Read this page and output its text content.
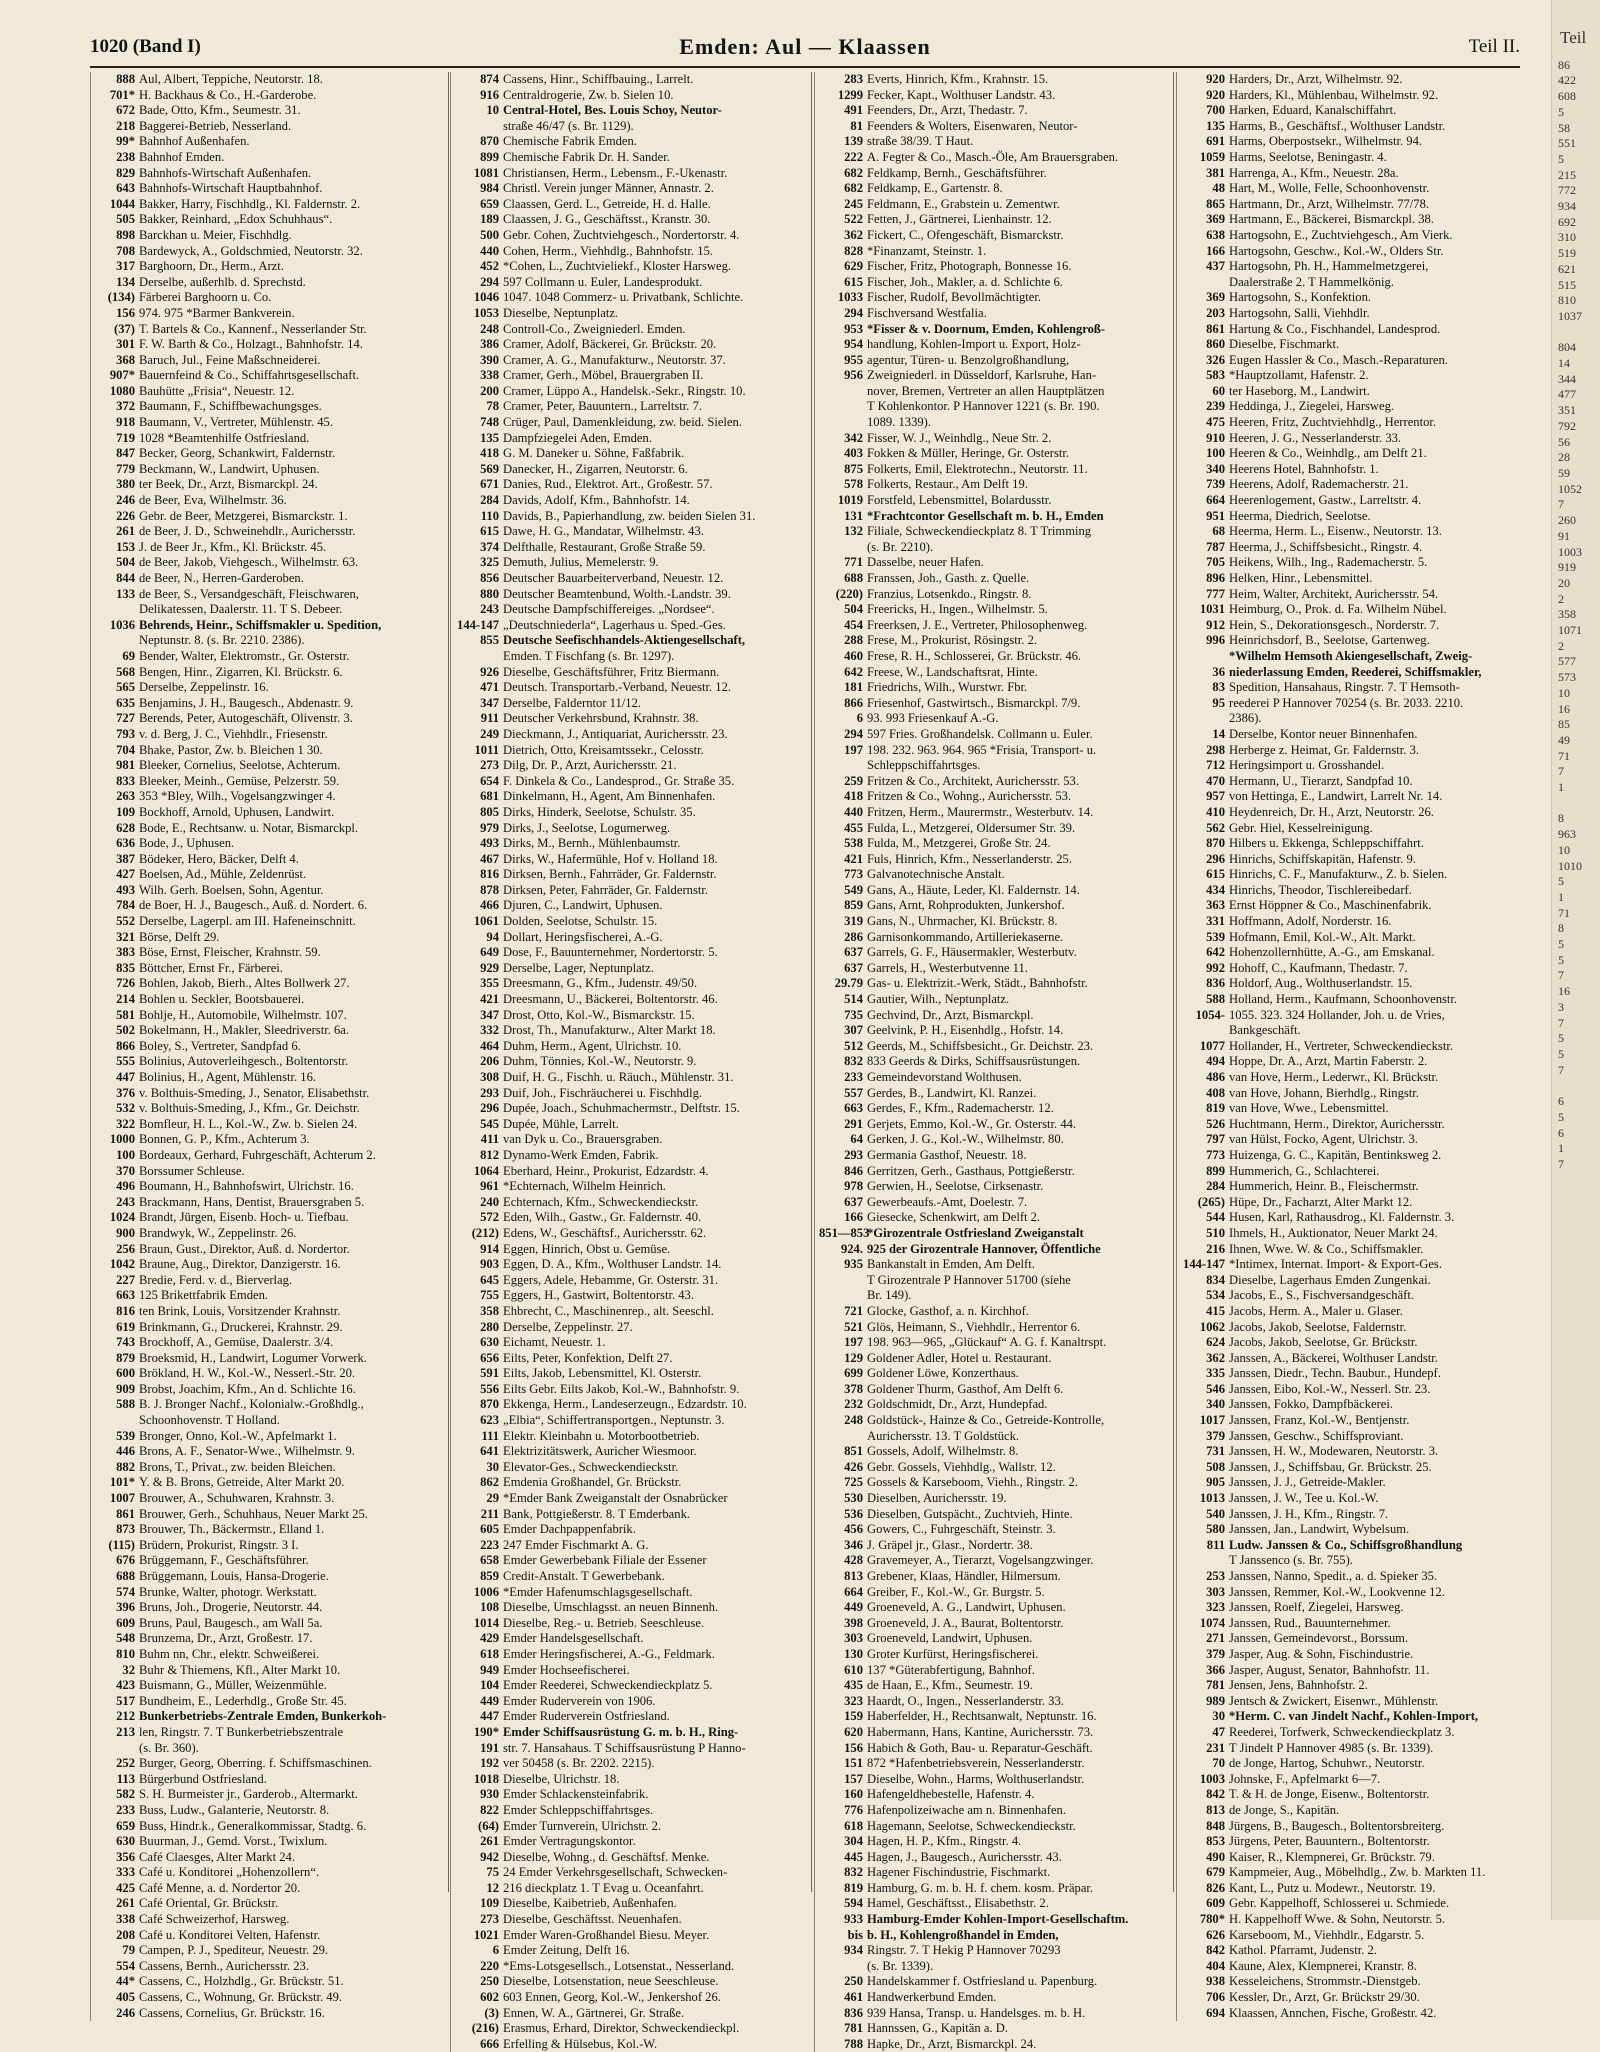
1020 (Band I)	Emden: Aul — Klaassen	Teil II.
888 Aul, Albert, Teppiche, Neutorstr. 18.
701* H. Backhaus & Co., H.-Garderobe.
672 Bade, Otto, Kfm., Seumestr. 31.
218 Baggerei-Betrieb, Nesserland.
99* Bahnhof Außenhafen.
238 Bahnhof Emden.
829 Bahnhofs-Wirtschaft Außenhafen.
643 Bahnhofs-Wirtschaft Hauptbahnhof.
1044 Bakker, Harry, Fischhdlg., Kl. Faldernstr. 2.
505 Bakker, Reinhard, „Edox Schuhhaus“.
898 Barckhan u. Meier, Fischhdlg.
708 Bardewyck, A., Goldschmied, Neutorstr. 32.
317 Barghoorn, Dr., Herm., Arzt.
134 Derselbe, außerhlb. d. Sprechstd.
(134) Färberei Barghoorn u. Co.
156 974. 975 *Barmer Bankverein.
(37) T. Bartels & Co., Kannenf., Nesserlander Str.
301 F. W. Barth & Co., Holzagt., Bahnhofstr. 14.
368 Baruch, Jul., Feine Maßschneiderei.
907* Bauernfeind & Co., Schiffahrtsgesellschaft.
1080 Bauhütte „Frisia“, Neuestr. 12.
372 Baumann, F., Schiffbewachungsges.
918 Baumann, V., Vertreter, Mühlenstr. 45.
719 1028 *Beamtenhilfe Ostfriesland.
847 Becker, Georg, Schankwirt, Faldernstr.
779 Beckmann, W., Landwirt, Uphusen.
380 ter Beek, Dr., Arzt, Bismarckpl. 24.
246 de Beer, Eva, Wilhelmstr. 36.
226 Gebr. de Beer, Metzgerei, Bismarckstr. 1.
261 de Beer, J. D., Schweinehdlr., Aurichersstr.
153 J. de Beer Jr., Kfm., Kl. Brückstr. 45.
504 de Beer, Jakob, Viehgesch., Wilhelmstr. 63.
844 de Beer, N., Herren-Garderoben.
133 de Beer, S., Versandgeschäft, Fleischwaren,
Delikatessen, Daalerstr. 11. T S. Debeer.
1036 Behrends, Heinr., Schiffsmakler u. Spedition,
Neptunstr. 8. (s. Br. 2210. 2386).
69 Bender, Walter, Elektromstr., Gr. Osterstr.
568 Bengen, Hinr., Zigarren, Kl. Brückstr. 6.
565 Derselbe, Zeppelinstr. 16.
635 Benjamins, J. H., Baugesch., Abdenastr. 9.
727 Berends, Peter, Autogeschäft, Olivenstr. 3.
793 v. d. Berg, J. C., Viehhdlr., Friesenstr.
704 Bhake, Pastor, Zw. b. Bleichen 1 30.
981 Bleeker, Cornelius, Seelotse, Achterum.
833 Bleeker, Meinh., Gemüse, Pelzerstr. 59.
263 353 *Bley, Wilh., Vogelsangzwinger 4.
109 Bockhoff, Arnold, Uphusen, Landwirt.
628 Bode, E., Rechtsanw. u. Notar, Bismarckpl.
636 Bode, J., Uphusen.
387 Bödeker, Hero, Bäcker, Delft 4.
427 Boelsen, Ad., Mühle, Zeldenrüst.
493 Wilh. Gerh. Boelsen, Sohn, Agentur.
784 de Boer, H. J., Baugesch., Auß. d. Nordert. 6.
552 Derselbe, Lagerpl. am III. Hafeneinschnitt.
321 Börse, Delft 29.
383 Böse, Ernst, Fleischer, Krahnstr. 59.
835 Böttcher, Ernst Fr., Färberei.
726 Bohlen, Jakob, Bierh., Altes Bollwerk 27.
214 Bohlen u. Seckler, Bootsbauerei.
581 Bohlje, H., Automobile, Wilhelmstr. 107.
502 Bokelmann, H., Makler, Sleedriverstr. 6a.
866 Boley, S., Vertreter, Sandpfad 6.
555 Bolinius, Autoverleihgesch., Boltentorstr.
447 Bolinius, H., Agent, Mühlenstr. 16.
376 v. Bolthuis-Smeding, J., Senator, Elisabethstr.
532 v. Bolthuis-Smeding, J., Kfm., Gr. Deichstr.
322 Bomfleur, H. L., Kol.-W., Zw. b. Sielen 24.
1000 Bonnen, G. P., Kfm., Achterum 3.
100 Bordeaux, Gerhard, Fuhrgeschäft, Achterum 2.
370 Borssumer Schleuse.
496 Boumann, H., Bahnhofswirt, Ulrichstr. 16.
243 Brackmann, Hans, Dentist, Brauersgraben 5.
1024 Brandt, Jürgen, Eisenb. Hoch- u. Tiefbau.
900 Brandwyk, W., Zeppelinstr. 26.
256 Braun, Gust., Direktor, Auß. d. Nordertor.
1042 Braune, Aug., Direktor, Danzigerstr. 16.
227 Bredie, Ferd. v. d., Bierverlag.
663 125 Brikettfabrik Emden.
816 ten Brink, Louis, Vorsitzender Krahnstr.
619 Brinkmann, G., Druckerei, Krahnstr. 29.
743 Brockhoff, A., Gemüse, Daalerstr. 3/4.
879 Broeksmid, H., Landwirt, Logumer Vorwerk.
600 Brökland, H. W., Kol.-W., Nesserl.-Str. 20.
909 Brobst, Joachim, Kfm., An d. Schlichte 16.
588 B. J. Bronger Nachf., Kolonialw.-Großhdlg.,
Schoonhovenstr. T Holland.
539 Bronger, Onno, Kol.-W., Apfelmarkt 1.
446 Brons, A. F., Senator-Wwe., Wilhelmstr. 9.
882 Brons, T., Privat., zw. beiden Bleichen.
101* Y. & B. Brons, Getreide, Alter Markt 20.
1007 Brouwer, A., Schuhwaren, Krahnstr. 3.
861 Brouwer, Gerh., Schuhhaus, Neuer Markt 25.
873 Brouwer, Th., Bäckermstr., Elland 1.
(115) Brüdern, Prokurist, Ringstr. 3 I.
676 Brüggemann, F., Geschäftsführer.
688 Brüggemann, Louis, Hansa-Drogerie.
574 Brunke, Walter, photogr. Werkstatt.
396 Bruns, Joh., Drogerie, Neutorstr. 44.
609 Bruns, Paul, Baugesch., am Wall 5a.
548 Brunzema, Dr., Arzt, Großestr. 17.
810 Buhm nn, Chr., elektr. Schweißerei.
32 Buhr & Thiemens, Kfl., Alter Markt 10.
423 Buismann, G., Müller, Weizenmühle.
517 Bundheim, E., Lederhdlg., Große Str. 45.
212 Bunkerbetriebs-Zentrale Emden, Bunkerkoh-
213 len, Ringstr. 7. T Bunkerbetriebszentrale
(s. Br. 360).
252 Burger, Georg, Oberring. f. Schiffsmaschinen.
113 Bürgerbund Ostfriesland.
582 S. H. Burmeister jr., Garderob., Altermarkt.
233 Buss, Ludw., Galanterie, Neutorstr. 8.
659 Buss, Hindr.k., Generalkommissar, Stadtg. 6.
630 Buurman, J., Gemd. Vorst., Twixlum.
356 Café Claesges, Alter Markt 24.
333 Café u. Konditorei „Hohenzollern“.
425 Café Menne, a. d. Nordertor 20.
261 Café Oriental, Gr. Brückstr.
338 Café Schweizerhof, Harsweg.
208 Café u. Konditorei Velten, Hafenstr.
79 Campen, P. J., Spediteur, Neuestr. 29.
554 Cassens, Bernh., Aurichersstr. 23.
44* Cassens, C., Holzhdlg., Gr. Brückstr. 51.
405 Cassens, C., Wohnung, Gr. Brückstr. 49.
246 Cassens, Cornelius, Gr. Brückstr. 16.
874 Cassens, Hinr., Schiffbauing., Larrelt.
916 Centraldrogerie, Zw. b. Sielen 10.
10 Central-Hotel, Bes. Louis Schoy, Neutor-
straße 46/47 (s. Br. 1129).
870 Chemische Fabrik Emden.
899 Chemische Fabrik Dr. H. Sander.
1081 Christiansen, Herm., Lebensm., F.-Ukenastr.
984 Christl. Verein junger Männer, Annastr. 2.
659 Claassen, Gerd. L., Getreide, H. d. Halle.
189 Claassen, J. G., Geschäftsst., Kranstr. 30.
500 Gebr. Cohen, Zuchtviehgesch., Nordertorstr. 4.
440 Cohen, Herm., Viehhdlg., Bahnhofstr. 15.
452 *Cohen, L., Zuchtvieliekf., Kloster Harsweg.
294 597 Collmann u. Euler, Landesprodukt.
1046 1047. 1048 Commerz- u. Privatbank, Schlichte.
1053 Dieselbe, Neptunplatz.
248 Controll-Co., Zweigniederl. Emden.
386 Cramer, Adolf, Bäckerei, Gr. Brückstr. 20.
390 Cramer, A. G., Manufakturw., Neutorstr. 37.
338 Cramer, Gerh., Möbel, Brauergraben II.
200 Cramer, Lüppo A., Handelsk.-Sekr., Ringstr. 10.
78 Cramer, Peter, Bauuntern., Larreltstr. 7.
748 Crüger, Paul, Damenkleidung, zw. beid. Sielen.
135 Dampfziegelei Aden, Emden.
418 G. M. Daneker u. Söhne, Faßfabrik.
569 Danecker, H., Zigarren, Neutorstr. 6.
671 Danies, Rud., Elektrot. Art., Großestr. 57.
284 Davids, Adolf, Kfm., Bahnhofstr. 14.
110 Davids, B., Papierhandlung, zw. beiden Sielen 31.
615 Dawe, H. G., Mandatar, Wilhelmstr. 43.
374 Delfthalle, Restaurant, Große Straße 59.
325 Demuth, Julius, Memelerstr. 9.
856 Deutscher Bauarbeiterverband, Neuestr. 12.
880 Deutscher Beamtenbund, Wolth.-Landstr. 39.
243 Deutsche Dampfschiffereiges. „Nordsee“.
144-147 „Deutschniederla“, Lagerhaus u. Sped.-Ges.
855 Deutsche Seefischhandels-Aktiengesellschaft,
Emden. T Fischfang (s. Br. 1297).
926 Dieselbe, Geschäftsführer, Fritz Biermann.
471 Deutsch. Transportarb.-Verband, Neuestr. 12.
347 Derselbe, Falderntor 11/12.
911 Deutscher Verkehrsbund, Krahnstr. 38.
249 Dieckmann, J., Antiquariat, Aurichersstr. 23.
1011 Dietrich, Otto, Kreisamtssekr., Celosstr.
273 Dilg, Dr. P., Arzt, Aurichersstr. 21.
654 F. Dinkela & Co., Landesprod., Gr. Straße 35.
681 Dinkelmann, H., Agent, Am Binnenhafen.
805 Dirks, Hinderk, Seelotse, Schulstr. 35.
979 Dirks, J., Seelotse, Logumerweg.
493 Dirks, M., Bernh., Mühlenbaumstr.
467 Dirks, W., Hafermühle, Hof v. Holland 18.
816 Dirksen, Bernh., Fahrräder, Gr. Faldernstr.
878 Dirksen, Peter, Fahrräder, Gr. Faldernstr.
466 Djuren, C., Landwirt, Uphusen.
1061 Dolden, Seelotse, Schulstr. 15.
94 Dollart, Heringsfischerei, A.-G.
649 Dose, F., Bauunternehmer, Nordertorstr. 5.
929 Derselbe, Lager, Neptunplatz.
355 Dreesmann, G., Kfm., Judenstr. 49/50.
421 Dreesmann, U., Bäckerei, Boltentorstr. 46.
347 Drost, Otto, Kol.-W., Bismarckstr. 15.
332 Drost, Th., Manufakturw., Alter Markt 18.
464 Duhm, Herm., Agent, Ulrichstr. 10.
206 Duhm, Tönnies, Kol.-W., Neutorstr. 9.
308 Duif, H. G., Fischh. u. Räuch., Mühlenstr. 31.
293 Duif, Joh., Fischräucherei u. Fischhdlg.
296 Dupée, Joach., Schuhmachermstr., Delftstr. 15.
545 Dupée, Mühle, Larrelt.
411 van Dyk u. Co., Brauersgraben.
812 Dynamo-Werk Emden, Fabrik.
1064 Eberhard, Heinr., Prokurist, Edzardstr. 4.
961 *Echternach, Wilhelm Heinrich.
240 Echternach, Kfm., Schweckendieckstr.
572 Eden, Wilh., Gastw., Gr. Faldernstr. 40.
(212) Edens, W., Geschäftsf., Aurichersstr. 62.
914 Eggen, Hinrich, Obst u. Gemüse.
903 Eggen, D. A., Kfm., Wolthuser Landstr. 14.
645 Eggers, Adele, Hebamme, Gr. Osterstr. 31.
755 Eggers, H., Gastwirt, Boltentorstr. 43.
358 Ehbrecht, C., Maschinenrep., alt. Seeschl.
280 Derselbe, Zeppelinstr. 27.
630 Eichamt, Neuestr. 1.
656 Eilts, Peter, Konfektion, Delft 27.
591 Eilts, Jakob, Lebensmittel, Kl. Osterstr.
556 Eilts Gebr. Eilts Jakob, Kol.-W., Bahnhofstr. 9.
870 Ekkenga, Herm., Landeserzeugn., Edzardstr. 10.
623 „Elbia“, Schiffertransportgen., Neptunstr. 3.
111 Elektr. Kleinbahn u. Motorbootbetrieb.
641 Elektrizitätswerk, Auricher Wiesmoor.
30 Elevator-Ges., Schweckendieckstr.
862 Emdenia Großhandel, Gr. Brückstr.
29 *Emder Bank Zweiganstalt der Osnabrücker
211 Bank, Pottgießerstr. 8. T Emderbank.
605 Emder Dachpappenfabrik.
223 247 Emder Fischmarkt A. G.
658 Emder Gewerbebank Filiale der Essener
859 Credit-Anstalt. T Gewerbebank.
1006 *Emder Hafenumschlagsgesellschaft.
108 Dieselbe, Umschlagsst. an neuen Binnenh.
1014 Dieselbe, Reg.- u. Betrieb. Seeschleuse.
429 Emder Handelsgesellschaft.
618 Emder Heringsfischerei, A.-G., Feldmark.
949 Emder Hochseefischerei.
104 Emder Reederei, Schweckendieckplatz 5.
449 Emder Ruderverein von 1906.
447 Emder Ruderverein Ostfriesland.
190* Emder Schiffsausrüstung G. m. b. H., Ring-
191 str. 7. Hansahaus. T Schiffsausrüstung P Hanno-
192 ver 50458 (s. Br. 2202. 2215).
1018 Dieselbe, Ulrichstr. 18.
930 Emder Schlackensteinfabrik.
822 Emder Schleppschiffahrtsges.
(64) Emder Turnverein, Ulrichstr. 2.
261 Emder Vertragungskontor.
942 Dieselbe, Wohng., d. Geschäftsf. Menke.
75 24 Emder Verkehrsgesellschaft, Schwecken-
12 216 dieckplatz 1. T Evag u. Oceanfahrt.
109 Dieselbe, Kaibetrieb, Außenhafen.
273 Dieselbe, Geschäftsst. Neuenhafen.
1021 Emder Waren-Großhandel Biesu. Meyer.
6 Emder Zeitung, Delft 16.
220 *Ems-Lotsgesellsch., Lotsenstat., Nesserland.
250 Dieselbe, Lotsenstation, neue Seeschleuse.
602 603 Ennen, Georg, Kol.-W., Jenkershof 26.
(3) Ennen, W. A., Gärtnerei, Gr. Straße.
(216) Erasmus, Erhard, Direktor, Schweckendieckpl.
666 Erfelling & Hülsebus, Kol.-W.
283 Everts, Hinrich, Kfm., Krahnstr. 15.
1299 Fecker, Kapt., Wolthuser Landstr. 43.
491 Feenders, Dr., Arzt, Thedastr. 7.
81 Feenders & Wolters, Eisenwaren, Neutor-
139 straße 38/39. T Haut.
222 A. Fegter & Co., Masch.-Öle, Am Brauersgraben.
682 Feldkamp, Bernh., Geschäftsführer.
682 Feldkamp, E., Gartenstr. 8.
245 Feldmann, E., Grabstein u. Zementwr.
522 Fetten, J., Gärtnerei, Lienhainstr. 12.
362 Fickert, C., Ofengeschäft, Bismarckstr.
828 *Finanzamt, Steinstr. 1.
629 Fischer, Fritz, Photograph, Bonnesse 16.
615 Fischer, Joh., Makler, a. d. Schlichte 6.
1033 Fischer, Rudolf, Bevollmächtigter.
294 Fischversand Westfalia.
953 *Fisser & v. Doornum, Emden, Kohlengroß-
954 handlung, Kohlen-Import u. Export, Holz-
955 agentur, Türen- u. Benzolgroßhandlung,
956 Zweigniederl. in Düsseldorf, Karlsruhe, Han-
nover, Bremen, Vertreter an allen Hauptplätzen
T Kohlenkontor. P Hannover 1221 (s. Br. 190.
1089. 1339).
342 Fisser, W. J., Weinhdlg., Neue Str. 2.
403 Fokken & Müller, Heringe, Gr. Osterstr.
875 Folkerts, Emil, Elektrotechn., Neutorstr. 11.
578 Folkerts, Restaur., Am Delft 19.
1019 Forstfeld, Lebensmittel, Bolardusstr.
131 *Frachtcontor Gesellschaft m. b. H., Emden
132 Filiale, Schweckendieckplatz 8. T Trimming
(s. Br. 2210).
771 Dasselbe, neuer Hafen.
688 Franssen, Joh., Gasth. z. Quelle.
(220) Franzius, Lotsenkdo., Ringstr. 8.
504 Freericks, H., Ingen., Wilhelmstr. 5.
454 Freerksen, J. E., Vertreter, Philosophenweg.
288 Frese, M., Prokurist, Rösingstr. 2.
460 Frese, R. H., Schlosserei, Gr. Brückstr. 46.
642 Freese, W., Landschaftsrat, Hinte.
181 Friedrichs, Wilh., Wurstwr. Fbr.
866 Friesenhof, Gastwirtsch., Bismarckpl. 7/9.
6 93. 993 Friesenkauf A.-G.
294 597 Fries. Großhandelsk. Collmann u. Euler.
197 198. 232. 963. 964. 965 *Frisia, Transport- u.
Schleppschiffahrtsges.
259 Fritzen & Co., Architekt, Aurichersstr. 53.
418 Fritzen & Co., Wohng., Aurichersstr. 53.
440 Fritzen, Herm., Maurermstr., Westerbutv. 14.
455 Fulda, L., Metzgerei, Oldersumer Str. 39.
538 Fulda, M., Metzgerei, Große Str. 24.
421 Fuls, Hinrich, Kfm., Nesserlanderstr. 25.
773 Galvanotechnische Anstalt.
549 Gans, A., Häute, Leder, Kl. Faldernstr. 14.
859 Gans, Arnt, Rohprodukten, Junkershof.
319 Gans, N., Uhrmacher, Kl. Brückstr. 8.
286 Garnisonkommando, Artilleriekaserne.
637 Garrels, G. F., Häusermakler, Westerbutv.
637 Garrels, H., Westerbutvenne 11.
29.79 Gas- u. Elektrizit.-Werk, Städt., Bahnhofstr.
514 Gautier, Wilh., Neptunplatz.
735 Gechvind, Dr., Arzt, Bismarckpl.
307 Geelvink, P. H., Eisenhdlg., Hofstr. 14.
512 Geerds, M., Schiffsbesicht., Gr. Deichstr. 23.
832 833 Geerds & Dirks, Schiffsausrüstungen.
233 Gemeindevorstand Wolthusen.
557 Gerdes, B., Landwirt, Kl. Ranzei.
663 Gerdes, F., Kfm., Rademacherstr. 12.
291 Gerjets, Emmo, Kol.-W., Gr. Osterstr. 44.
64 Gerken, J. G., Kol.-W., Wilhelmstr. 80.
293 Germania Gasthof, Neuestr. 18.
846 Gerritzen, Gerh., Gasthaus, Pottgießerstr.
978 Gerwien, H., Seelotse, Cirksenastr.
637 Gewerbeaufs.-Amt, Doelestr. 7.
166 Giesecke, Schenkwirt, am Delft 2.
851—853
*Girozentrale Ostfriesland Zweiganstalt
924. 925 der Girozentrale Hannover, Öffentliche
935 Bankanstalt in Emden, Am Delft.
T Girozentrale P Hannover 51700 (siehe
Br. 149).
721 Glocke, Gasthof, a. n. Kirchhof.
521 Glös, Heimann, S., Viehhdlr., Herrentor 6.
197 198. 963—965, „Glückauf“ A. G. f. Kanaltrspt.
129 Goldener Adler, Hotel u. Restaurant.
699 Goldener Löwe, Konzerthaus.
378 Goldener Thurm, Gasthof, Am Delft 6.
232 Goldschmidt, Dr., Arzt, Hundepfad.
248 Goldstück-, Hainze & Co., Getreide-Kontrolle,
Aurichersstr. 13. T Goldstück.
851 Gossels, Adolf, Wilhelmstr. 8.
426 Gebr. Gossels, Viehhdlg., Wallstr. 12.
725 Gossels & Karseboom, Viehh., Ringstr. 2.
530 Dieselben, Aurichersstr. 19.
536 Dieselben, Gutspächt., Zuchtvieh, Hinte.
456 Gowers, C., Fuhrgeschäft, Steinstr. 3.
346 J. Gräpel jr., Glasr., Nordertr. 38.
428 Gravemeyer, A., Tierarzt, Vogelsangzwinger.
813 Grebener, Klaas, Händler, Hilmersum.
664 Greiber, F., Kol.-W., Gr. Burgstr. 5.
449 Groeneveld, A. G., Landwirt, Uphusen.
398 Groeneveld, J. A., Baurat, Boltentorstr.
303 Groeneveld, Landwirt, Uphusen.
130 Groter Kurfürst, Heringsfischerei.
610 137 *Güterabfertigung, Bahnhof.
435 de Haan, E., Kfm., Seumestr. 19.
323 Haardt, O., Ingen., Nesserlanderstr. 33.
159 Haberfelder, H., Rechtsanwalt, Neptunstr. 16.
620 Habermann, Hans, Kantine, Aurichersstr. 73.
156 Habich & Goth, Bau- u. Reparatur-Geschäft.
151 872 *Hafenbetriebsverein, Nesserlanderstr.
157 Dieselbe, Wohn., Harms, Wolthuserlandstr.
160 Hafengeldhebestelle, Hafenstr. 4.
776 Hafenpolizeiwache am n. Binnenhafen.
618 Hagemann, Seelotse, Schweckendieckstr.
304 Hagen, H. P., Kfm., Ringstr. 4.
445 Hagen, J., Baugesch., Aurichersstr. 43.
832 Hagener Fischindustrie, Fischmarkt.
819 Hamburg, G. m. b. H. f. chem. kosm. Präpar.
594 Hamel, Geschäftsst., Elisabethstr. 2.
933 Hamburg-Emder Kohlen-Import-Gesellschaftm.
bis b. H., Kohlengroßhandel in Emden,
934 Ringstr. 7. T Hekig P Hannover 70293
(s. Br. 1339).
250 Handelskammer f. Ostfriesland u. Papenburg.
461 Handwerkerbund Emden.
836 939 Hansa, Transp. u. Handelsges. m. b. H.
781 Hannssen, G., Kapitän a. D.
788 Hapke, Dr., Arzt, Bismarckpl. 24.
920 Harders, Dr., Arzt, Wilhelmstr. 92.
920 Harders, Kl., Mühlenbau, Wilhelmstr. 92.
700 Harken, Eduard, Kanalschiffahrt.
135 Harms, B., Geschäftsf., Wolthuser Landstr.
691 Harms, Oberpostsekr., Wilhelmstr. 94.
1059 Harms, Seelotse, Beningastr. 4.
381 Harrenga, A., Kfm., Neuestr. 28a.
48 Hart, M., Wolle, Felle, Schoonhovenstr.
865 Hartmann, Dr., Arzt, Wilhelmstr. 77/78.
369 Hartmann, E., Bäckerei, Bismarckpl. 38.
638 Hartogsohn, E., Zuchtviehgesch., Am Vierk.
166 Hartogsohn, Geschw., Kol.-W., Olders Str.
437 Hartogsohn, Ph. H., Hammelmetzgerei,
Daalerstraße 2. T Hammelkönig.
369 Hartogsohn, S., Konfektion.
203 Hartogsohn, Salli, Viehhdlr.
861 Hartung & Co., Fischhandel, Landesprod.
860 Dieselbe, Fischmarkt.
326 Eugen Hassler & Co., Masch.-Reparaturen.
583 *Hauptzollamt, Hafenstr. 2.
60 ter Haseborg, M., Landwirt.
239 Heddinga, J., Ziegelei, Harsweg.
475 Heeren, Fritz, Zuchtviehhdlg., Herrentor.
910 Heeren, J. G., Nesserlanderstr. 33.
100 Heeren & Co., Weinhdlg., am Delft 21.
340 Heerens Hotel, Bahnhofstr. 1.
739 Heerens, Adolf, Rademacherstr. 21.
664 Heerenlogement, Gastw., Larreltstr. 4.
951 Heerma, Diedrich, Seelotse.
68 Heerma, Herm. L., Eisenw., Neutorstr. 13.
787 Heerma, J., Schiffsbesicht., Ringstr. 4.
705 Heikens, Wilh., Ing., Rademacherstr. 5.
896 Helken, Hinr., Lebensmittel.
777 Heim, Walter, Architekt, Aurichersstr. 54.
1031 Heimburg, O., Prok. d. Fa. Wilhelm Nübel.
912 Hein, S., Dekorationsgesch., Norderstr. 7.
996 Heinrichsdorf, B., Seelotse, Gartenweg.
*Wilhelm Hemsoth Akiengesellschaft, Zweig-
36 niederlassung Emden, Reederei, Schiffsmakler,
83 Spedition, Hansahaus, Ringstr. 7. T Hemsoth-
95 reederei P Hannover 70254 (s. Br. 2033. 2210.
2386).
14 Derselbe, Kontor neuer Binnenhafen.
298 Herberge z. Heimat, Gr. Faldernstr. 3.
712 Heringsimport u. Grosshandel.
470 Hermann, U., Tierarzt, Sandpfad 10.
957 von Hettinga, E., Landwirt, Larrelt Nr. 14.
410 Heydenreich, Dr. H., Arzt, Neutorstr. 26.
562 Gebr. Hiel, Kesselreinigung.
870 Hilbers u. Ekkenga, Schleppschiffahrt.
296 Hinrichs, Schiffskapitän, Hafenstr. 9.
615 Hinrichs, C. F., Manufakturw., Z. b. Sielen.
434 Hinrichs, Theodor, Tischlereibedarf.
363 Ernst Höppner & Co., Maschinenfabrik.
331 Hoffmann, Adolf, Norderstr. 16.
539 Hofmann, Emil, Kol.-W., Alt. Markt.
642 Hohenzollernhütte, A.-G., am Emskanal.
992 Hohoff, C., Kaufmann, Thedastr. 7.
836 Holdorf, Aug., Wolthuserlandstr. 15.
588 Holland, Herm., Kaufmann, Schoonhovenstr.
1054- 1055. 323. 324 Hollander, Joh. u. de Vries,
Bankgeschäft.
1077 Hollander, H., Vertreter, Schweckendieckstr.
494 Hoppe, Dr. A., Arzt, Martin Faberstr. 2.
486 van Hove, Herm., Lederwr., Kl. Brückstr.
408 van Hove, Johann, Bierhdlg., Ringstr.
819 van Hove, Wwe., Lebensmittel.
526 Huchtmann, Herm., Direktor, Aurichersstr.
797 van Hülst, Focko, Agent, Ulrichstr. 3.
773 Huizenga, G. C., Kapitän, Bentinksweg 2.
899 Hummerich, G., Schlachterei.
284 Hummerich, Heinr. B., Fleischermstr.
(265) Hüpe, Dr., Facharzt, Alter Markt 12.
544 Husen, Karl, Rathausdrog., Kl. Faldernstr. 3.
510 Ihmels, H., Auktionator, Neuer Markt 24.
216 Ihnen, Wwe. W. & Co., Schiffsmakler.
144-147 *Intimex, Internat. Import- & Export-Ges.
834 Dieselbe, Lagerhaus Emden Zungenkai.
534 Jacobs, E., S., Fischversandgeschäft.
415 Jacobs, Herm. A., Maler u. Glaser.
1062 Jacobs, Jakob, Seelotse, Faldernstr.
624 Jacobs, Jakob, Seelotse, Gr. Brückstr.
362 Janssen, A., Bäckerei, Wolthuser Landstr.
335 Janssen, Diedr., Techn. Baubur., Hundepf.
546 Janssen, Eibo, Kol.-W., Nesserl. Str. 23.
340 Janssen, Fokko, Dampfbäckerei.
1017 Janssen, Franz, Kol.-W., Bentjenstr.
379 Janssen, Geschw., Schiffsproviant.
731 Janssen, H. W., Modewaren, Neutorstr. 3.
508 Janssen, J., Schiffsbau, Gr. Brückstr. 25.
905 Janssen, J. J., Getreide-Makler.
1013 Janssen, J. W., Tee u. Kol.-W.
540 Janssen, J. H., Kfm., Ringstr. 7.
580 Janssen, Jan., Landwirt, Wybelsum.
811 Ludw. Janssen & Co., Schiffsgroßhandlung
T Janssenco (s. Br. 755).
253 Janssen, Nanno, Spedit., a. d. Spieker 35.
303 Janssen, Remmer, Kol.-W., Lookvenne 12.
323 Janssen, Roelf, Ziegelei, Harsweg.
1074 Janssen, Rud., Bauunternehmer.
271 Janssen, Gemeindevorst., Borssum.
379 Jasper, Aug. & Sohn, Fischindustrie.
366 Jasper, August, Senator, Bahnhofstr. 11.
781 Jensen, Jens, Bahnhofstr. 2.
989 Jentsch & Zwickert, Eisenwr., Mühlenstr.
30 *Herm. C. van Jindelt Nachf., Kohlen-Import,
47 Reederei, Torfwerk, Schweckendieckplatz 3.
231 T Jindelt P Hannover 4985 (s. Br. 1339).
70 de Jonge, Hartog, Schuhwr., Neutorstr.
1003 Johnske, F., Apfelmarkt 6—7.
842 T. & H. de Jonge, Eisenw., Boltentorstr.
813 de Jonge, S., Kapitän.
848 Jürgens, B., Baugesch., Boltentorsbreiterg.
853 Jürgens, Peter, Bauuntern., Boltentorstr.
490 Kaiser, R., Klempnerei, Gr. Brückstr. 79.
679 Kampmeier, Aug., Möbelhdlg., Zw. b. Markten 11.
826 Kant, L., Putz u. Modewr., Neutorstr. 19.
609 Gebr. Kappelhoff, Schlosserei u. Schmiede.
780* H. Kappelhoff Wwe. & Sohn, Neutorstr. 5.
626 Karseboom, M., Viehhdlr., Edgarstr. 5.
842 Kathol. Pfarramt, Judenstr. 2.
404 Kaune, Alex, Klempnerei, Kranstr. 8.
938 Kesseleichens, Strommstr.-Dienstgeb.
706 Kessler, Dr., Arzt, Gr. Brückstr 29/30.
694 Klaassen, Annchen, Fische, Großestr. 42.
Teil
86
422
608
5
58
551
5
215
772
934
692
310
519
621
515
810
1037

804
14
344
477
351
792
56
28
59
1052
7
260
91
1003
919
20
2
358
1071
2
577
573
10
16
85
49
71
7
1

8
963
10
1010
5
1
71
8
5
5
7
16
3
7
5
5
7

6
5
6
1
7
